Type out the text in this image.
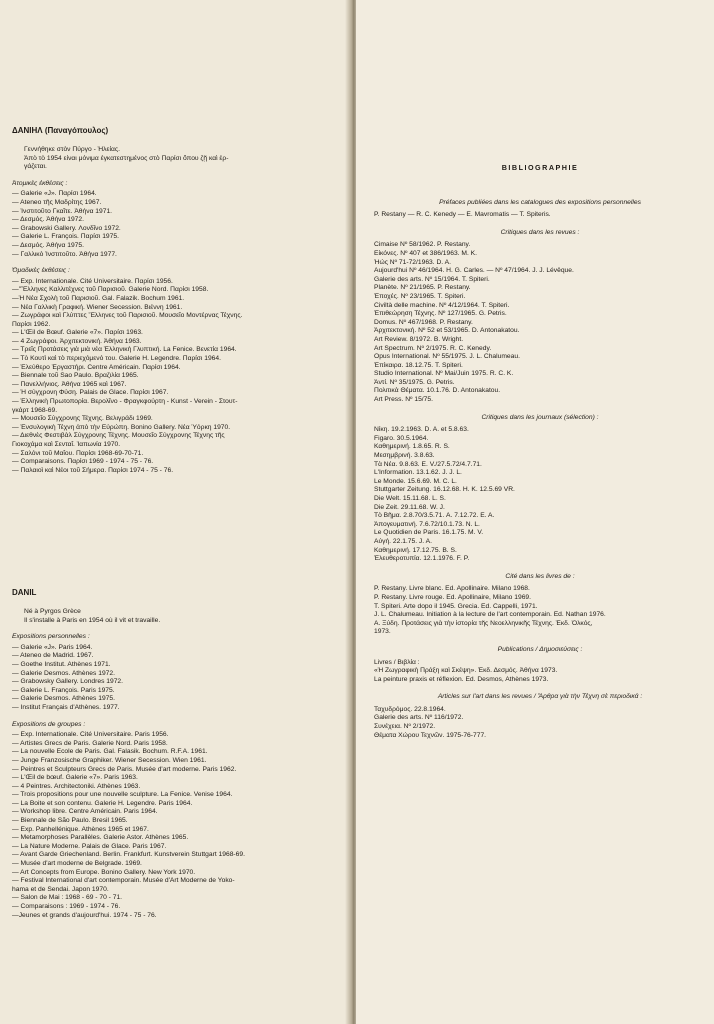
ΔΑΝΙΗΛ (Παναγόπουλος)
Γεννήθηκε στὸν Πύργο - Ἠλείας.
Ἀπὸ τὸ 1954 εἶναι μόνιμα ἐγκατεστημένος στὸ Παρίσι ὅπου ζῇ καὶ ἐρ-
γάζεται.
Ἀτομικὲς ἐκθέσεις :
— Galerie «J». Παρίσι 1964.
— Ateneo τῆς Μαδρίτης 1967.
— Ἰνστιτοῦτο Γκαῖτε. Ἀθήνα 1971.
— Δεσμός. Ἀθήνα 1972.
— Grabowski Gallery. Λονδῖνο 1972.
— Galerie L. François. Παρίσι 1975.
— Δεσμός. Ἀθήνα 1975.
— Γαλλικὸ Ἰνστιτοῦτο. Ἀθήνα 1977.
Ὁμαδικὲς ἐκθέσεις :
— Exp. Internationale. Cité Universitaire. Παρίσι 1956.
—"Ἕλληνες Καλλιτέχνες τοῦ Παρισιοῦ. Galerie Nord. Παρίσι 1958.
—Ἡ Νέα Σχολὴ τοῦ Παρισιοῦ. Gal. Falazik. Bochum 1961.
— Νέα Γαλλικὴ Γραφική. Wiener Secession. Βιέννη 1961.
— Ζωγράφοι καὶ Γλύπτες Ἕλληνες τοῦ Παρισιοῦ. Μουσεῖο Μοντέρνας Τέχνης.
Παρίσι 1962.
— L'Œil de Bœuf. Galerie «7». Παρίσι 1963.
— 4 Ζωγράφοι. Ἀρχιτεκτονική. Ἀθήνα 1963.
— Τρεῖς Προτάσεις γιὰ μιὰ νέα Ἑλληνικὴ Γλυπτική. La Fenice. Βενετία 1964.
— Τὸ Κουτὶ καὶ τὸ περιεχόμενό του. Galerie H. Legendre. Παρίσι 1964.
— Ἐλεύθερο Ἐργαστήρι. Centre Américain. Παρίσι 1964.
— Biennale τοῦ Sao Paulo. Βραζιλία 1965.
— Πανελλήνιος. Ἀθήνα 1965 καὶ 1967.
— Ἡ σύγχρονη Φύση. Palais de Glace. Παρίσι 1967.
— Ἑλληνικὴ Πρωτοπορία. Βερολῖνο - Φραγκφούρτη - Kunst - Verein - Στουτ-
γκάρτ 1968-69.
— Μουσεῖο Σύγχρονης Τέχνης. Βελιγράδι 1969.
— Ἐνσυλογικὴ Τέχνη ἀπὸ τὴν Εὐρώπη. Bonino Gallery. Νέα Ὑόρκη 1970.
— Διεθνὲς Φεστιβὰλ Σύγχρονης Τέχνης. Μουσεῖο Σύγχρονης Τέχνης τῆς
Γιοκοχάμα καὶ Σενταΐ. Ἰαπωνία 1970.
— Σαλόνι τοῦ Μαΐου. Παρίσι 1968-69-70-71.
— Comparaisons. Παρίσι 1969 - 1974 - 75 - 76.
— Παλαιοὶ καὶ Νέοι τοῦ Σήμερα. Παρίσι 1974 - 75 - 76.
DANIL
Né à Pyrgos Grèce
Il s'installe à Paris en 1954 où il vit et travaille.
Expositions personnelles :
— Galerie «J». Paris 1964.
— Ateneo de Madrid. 1967.
— Goethe Institut. Athènes 1971.
— Galerie Desmos. Athènes 1972.
— Grabowsky Gallery. Londres 1972.
— Galerie L. François. Paris 1975.
— Galerie Desmos. Athènes 1975.
— Institut Français d'Athènes. 1977.
Expositions de groupes :
— Exp. Internationale. Cité Universitaire. Paris 1956.
— Artistes Grecs de Paris. Galerie Nord. Paris 1958.
— La nouvelle Ecole de Paris. Gal. Falasik. Bochum. R.F.A. 1961.
— Junge Franzosische Graphiker. Wiener Secession. Wien 1961.
— Peintres et Sculpteurs Grecs de Paris. Musée d'art moderne. Paris 1962.
— L'Œil de bœuf. Galerie «7». Paris 1963.
— 4 Peintres. Architectoniki. Athènes 1963.
— Trois propositions pour une nouvelle sculpture. La Fenice. Venise 1964.
— La Boite et son contenu. Galerie H. Legendre. Paris 1964.
— Workshop libre. Centre Américain. Paris 1964.
— Biennale de São Paulo. Bresil 1965.
— Exp. Panhellénique. Athènes 1965 et 1967.
— Metamorphoses Parallèles. Galerie Astor. Athènes 1965.
— La Nature Moderne. Palais de Glace. Paris 1967.
— Avant Garde Griechenland. Berlin. Frankfurt. Kunstverein Stuttgart 1968-69.
— Musée d'art moderne de Belgrade. 1969.
— Art Concepts from Europe. Bonino Gallery. New York 1970.
— Festival International d'art contemporain. Musée d'Art Moderne de Yoko-
hama et de Sendai. Japon 1970.
— Salon de Mai : 1968 - 69 - 70 - 71.
— Comparaisons : 1969 - 1974 - 76.
—Jeunes et grands d'aujourd'hui. 1974 - 75 - 76.
BIBLIOGRAPHIE
Préfaces publiées dans les catalogues des expositions personnelles
P. Restany — R. C. Kenedy — E. Mavromatis — T. Spiteris.
Critiques dans les revues :
Cimaise Nº 58/1962. P. Restany.
Εἰκόνες. Nº 407 et 386/1963. M. K.
Ἠώς Nº 71-72/1963. D. A.
Aujourd'hui Nº 46/1964. H. G. Carles. — Nº 47/1964. J. J. Lévêque.
Galerie des arts. Nº 15/1964. T. Spiteri.
Planète. Nº 21/1965. P. Restany.
Ἐποχές. Nº 23/1965. T. Spiteri.
Civiltà delle machine. Nº 4/12/1964. T. Spiteri.
Ἐπιθεώρηση Τέχνης. Nº 127/1965. G. Petris.
Domus. Nº 467/1968. P. Restany.
Ἀρχιτεκτονική. Nº 52 et 53/1965. D. Antonakatou.
Art Review. 8/1972. B. Wright.
Art Spectrum. Nº 2/1975. R. C. Kenedy.
Opus International. Nº 55/1975. J. L. Chalumeau.
Ἐπίκαιρα. 18.12.75. T. Spiteri.
Studio International. Nº Mai/Juin 1975. R. C. K.
Ἀντί. Nº 35/1975. G. Petris.
Πολιτικὰ Θέματα. 10.1.76. D. Antonakatou.
Art Press. Nº 15/75.
Critiques dans les journaux (sélection) :
Νίκη. 19.2.1963. D. A. et 5.8.63.
Figaro. 30.5.1964.
Καθημερινή. 1.8.65. R. S.
Μεσημβρινή. 3.8.63.
Τὰ Νέα. 9.8.63. E. V./27.5.72/4.7.71.
L'Information. 13.1.62. J. J. L.
Le Monde. 15.6.69. M. C. L.
Stuttgarter Zeitung. 16.12.68. H. K. 12.5.69 VR.
Die Welt. 15.11.68. L. S.
Die Zeit. 29.11.68. W. J.
Τὸ Βῆμα. 2.8.70/3.5.71. A. 7.12.72. E. A.
Ἀπογευματινή. 7.6.72/10.1.73. N. L.
Le Quotidien de Paris. 16.1.75. M. V.
Αὐγή. 22.1.75. J. A.
Καθημερινή. 17.12.75. B. S.
Ἐλευθεροτυπία. 12.1.1976. F. P.
Cité dans les livres de :
P. Restany. Livre blanc. Ed. Apollinaire. Milano 1968.
P. Restany. Livre rouge. Ed. Apollinaire, Milano 1969.
T. Spiteri. Arte dopo il 1945. Grecia. Ed. Cappelli, 1971.
J. L. Chalumeau. Initiation à la lecture de l'art contemporain. Ed. Nathan 1976.
A. Ξύδη. Προτάσεις γιὰ τὴν ἱστορία τῆς Νεοελληνικῆς Τέχνης. Ἐκδ. Ὀλκός,
1973.
Publications / Δημοσιεύσεις :
Livres / Βιβλία :
«Ἡ Ζωγραφικὴ Πράξη καὶ Σκέψη». Ἐκδ. Δεσμός. Ἀθήνα 1973.
La peinture praxis et réflexion. Ed. Desmos, Athènes 1973.
Articles sur l'art dans les revues / Ἄρθρα γιὰ τὴν Τέχνη σὲ περιοδικά :
Ταχυδρόμος. 22.8.1964.
Galerie des arts. Nº 116/1972.
Συνέχεια. Nº 2/1972.
Θέματα Χώρου Τεχνῶν. 1975-76-777.
